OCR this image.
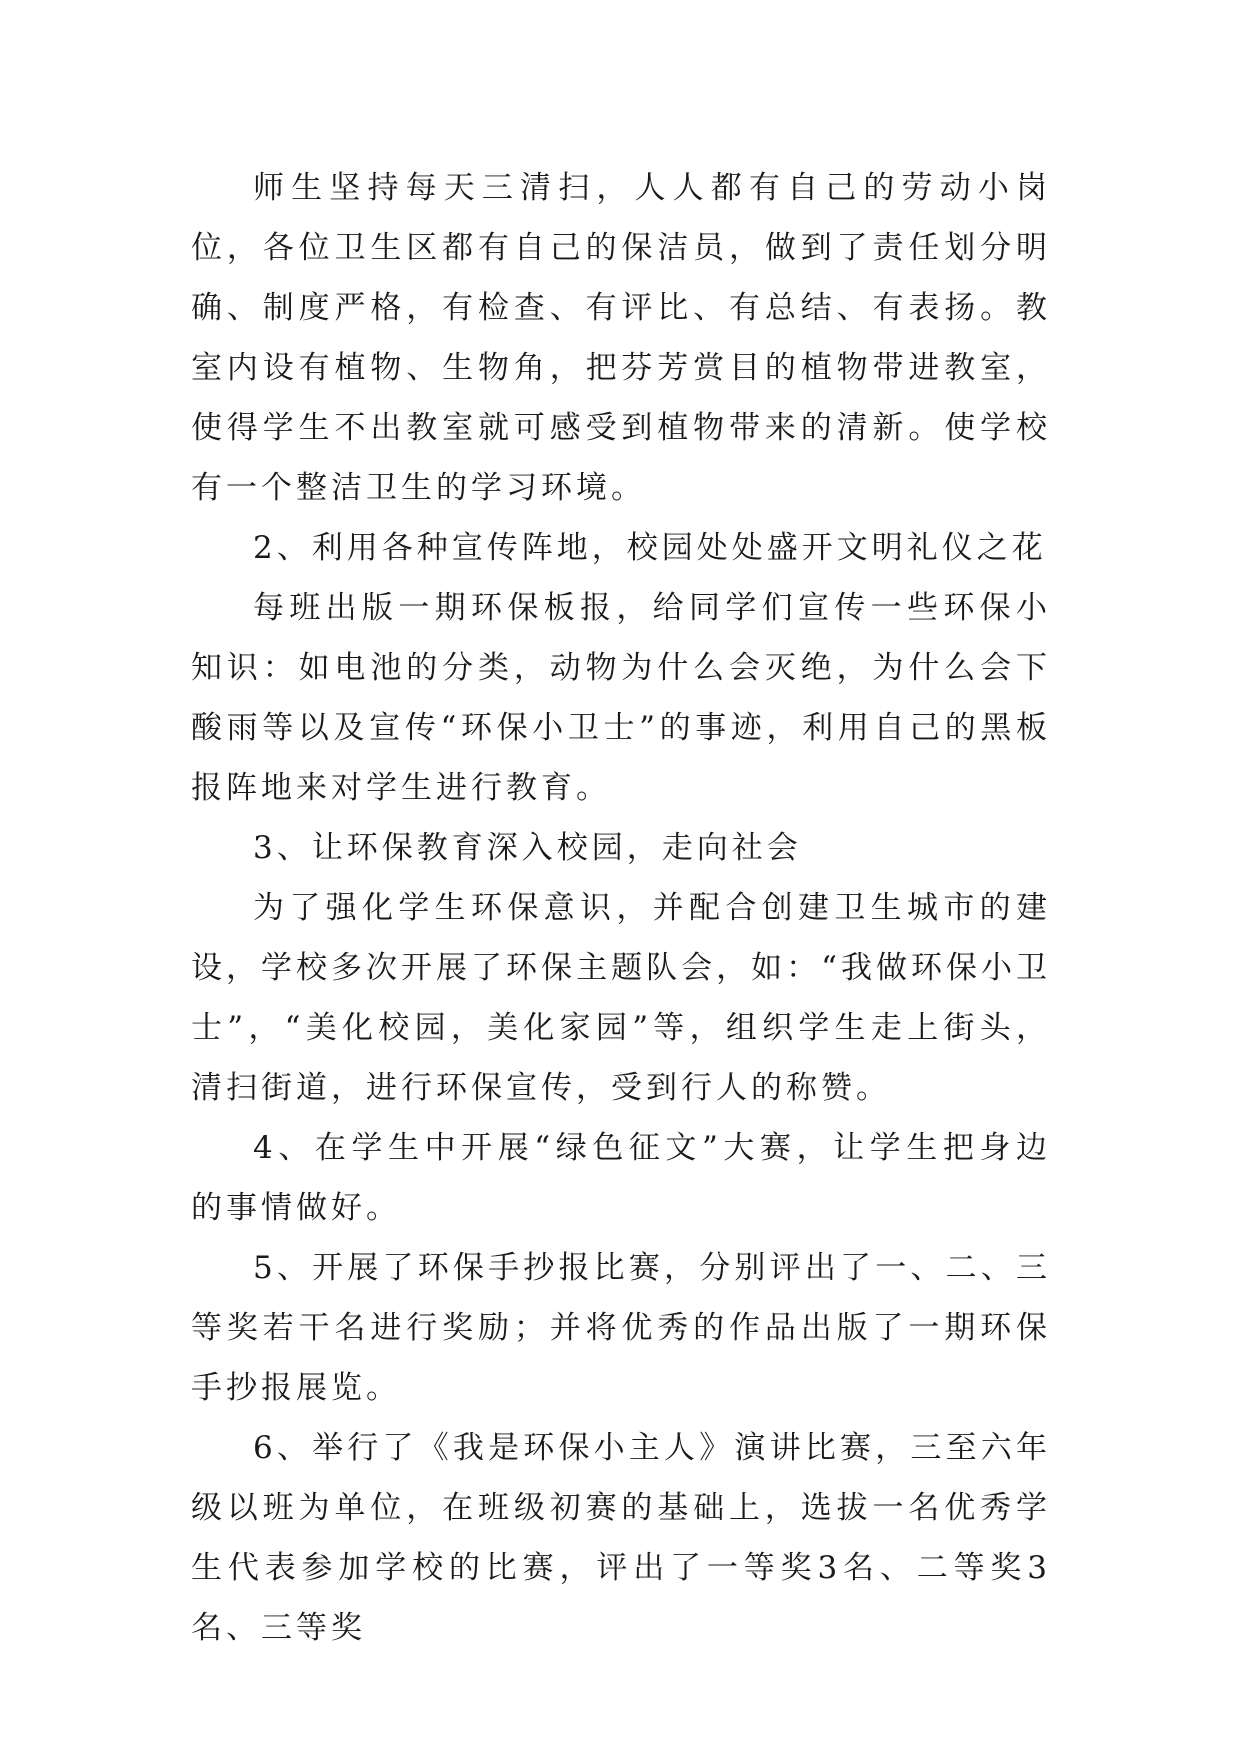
师生坚持每天三清扫，人人都有自己的劳动小岗位，各位卫生区都有自己的保洁员，做到了责任划分明确、制度严格，有检查、有评比、有总结、有表扬。教室内设有植物、生物角，把芬芳赏目的植物带进教室，使得学生不出教室就可感受到植物带来的清新。使学校有一个整洁卫生的学习环境。

2、利用各种宣传阵地，校园处处盛开文明礼仪之花

每班出版一期环保板报，给同学们宣传一些环保小知识：如电池的分类，动物为什么会灭绝，为什么会下酸雨等以及宣传“环保小卫士”的事迹，利用自己的黑板报阵地来对学生进行教育。

3、让环保教育深入校园，走向社会

为了强化学生环保意识，并配合创建卫生城市的建设，学校多次开展了环保主题队会，如：“我做环保小卫士”，“美化校园，美化家园”等，组织学生走上街头，清扫街道，进行环保宣传，受到行人的称赞。

4、在学生中开展“绿色征文”大赛，让学生把身边的事情做好。

5、开展了环保手抄报比赛，分别评出了一、二、三等奖若干名进行奖励；并将优秀的作品出版了一期环保手抄报展览。

6、举行了《我是环保小主人》演讲比赛，三至六年级以班为单位，在班级初赛的基础上，选拔一名优秀学生代表参加学校的比赛，评出了一等奖3名、二等奖3名、三等奖
